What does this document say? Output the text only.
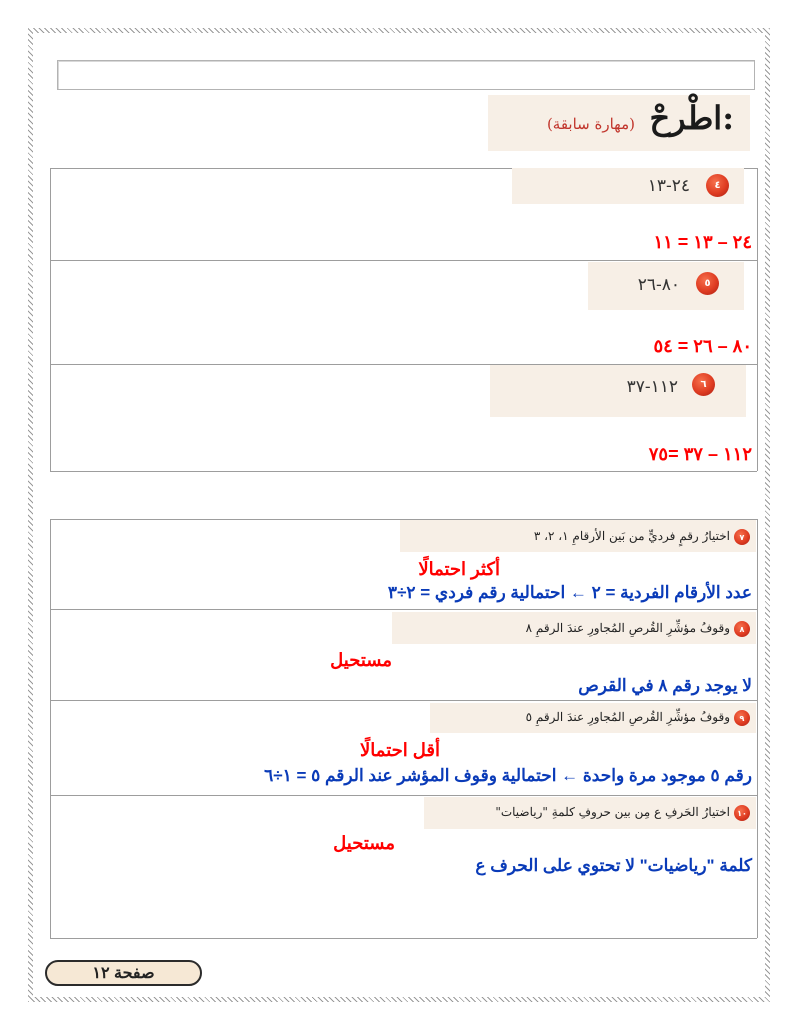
اطْرحْ:
(مهارة سابقة)
٤
٢٤-١٣
٢٤ – ١٣ = ١١
٥
٨٠-٢٦
٨٠ – ٢٦ = ٥٤
٦
١١٢-٣٧
١١٢ – ٣٧ =٧٥
٧
اختيارُ رقمٍ فرديٍّ من بَين الأرقامِ ١، ٢، ٣
أكثر احتمالًا
عدد الأرقام الفردية = ٢ ← احتمالية رقم فردي = ٢÷٣
٨
وقوفُ مؤشِّرِ القُرصِ المُجاورِ عندَ الرقمِ ٨
مستحيل
لا يوجد رقم ٨ في القرص
٩
وقوفُ مؤشِّرِ القُرصِ المُجاورِ عندَ الرقمِ ٥
أقل احتمالًا
رقم ٥ موجود مرة واحدة ← احتمالية وقوف المؤشر عند الرقم ٥ = ١÷٦
١٠
اختيارُ الحَرفِ ع مِن بين حروفِ كلمةِ "رياضيات"
مستحيل
كلمة "رياضيات" لا تحتوي على الحرف ع
صفحة ١٢
